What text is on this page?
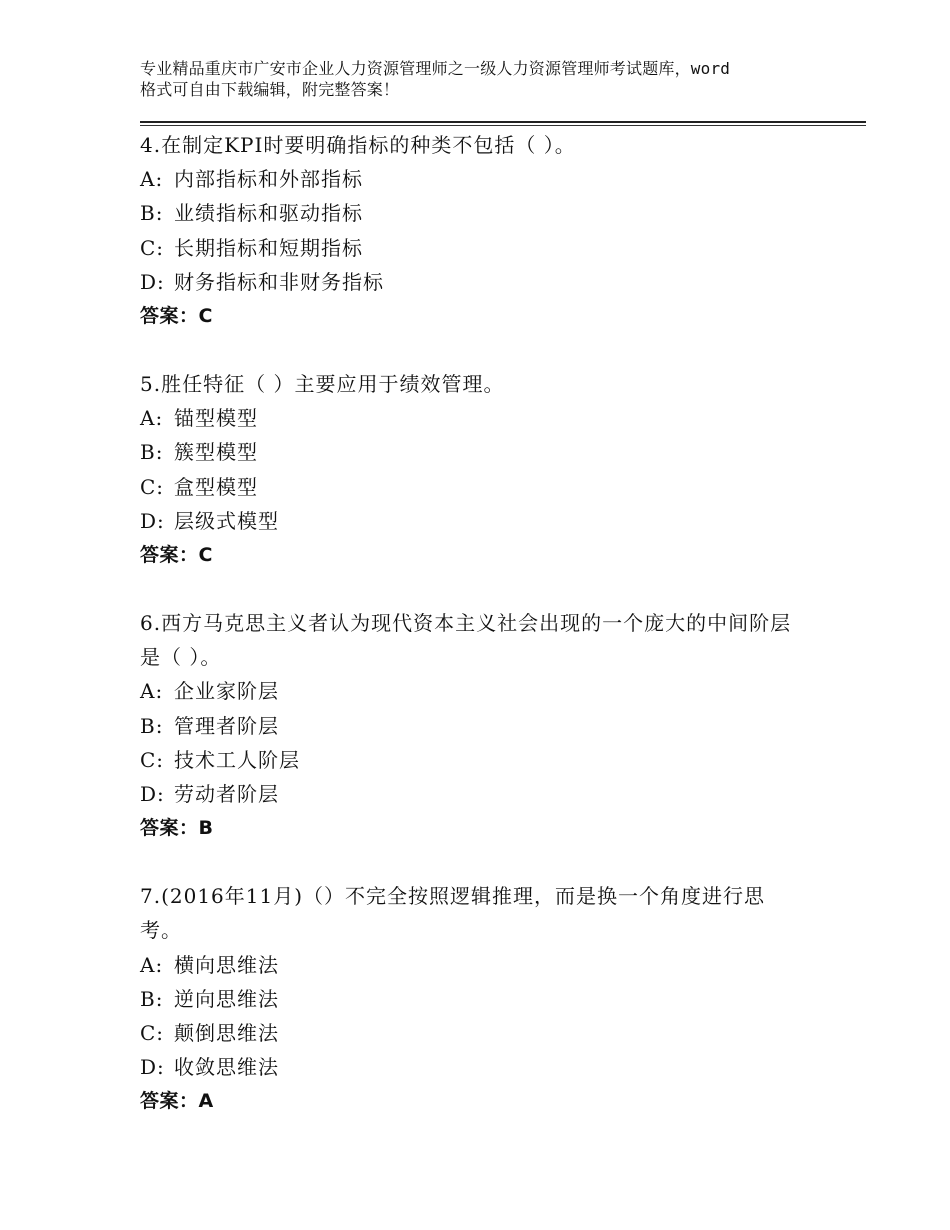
专业精品重庆市广安市企业人力资源管理师之一级人力资源管理师考试题库，word
格式可自由下载编辑，附完整答案！
4.在制定KPI时要明确指标的种类不包括（ ）。
A: 内部指标和外部指标
B: 业绩指标和驱动指标
C: 长期指标和短期指标
D: 财务指标和非财务指标
答案：C
5.胜任特征（ ）主要应用于绩效管理。
A: 锚型模型
B: 簇型模型
C: 盒型模型
D: 层级式模型
答案：C
6.西方马克思主义者认为现代资本主义社会出现的一个庞大的中间阶层是（ ）。
A: 企业家阶层
B: 管理者阶层
C: 技术工人阶层
D: 劳动者阶层
答案：B
7.(2016年11月)（）不完全按照逻辑推理，而是换一个角度进行思考。
A: 横向思维法
B: 逆向思维法
C: 颠倒思维法
D: 收敛思维法
答案：A
